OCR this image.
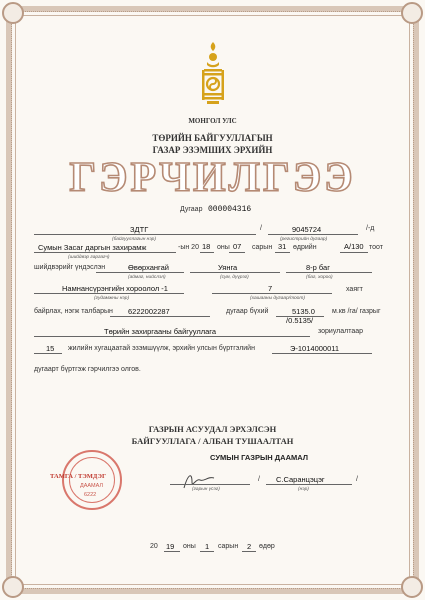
МОНГОЛ УЛС
ТӨРИЙН БАЙГУУЛЛАГЫН
ГАЗАР ЭЗЭМШИХ ЭРХИЙН
ГЭРЧИЛГЭЭ
Дугаар 000004316
ЗДТГ
(байгууллагын нэр)
/	9045724
(регистрийн дугаар)
/-д
Сумын Засаг даргын захирамж
(шийдвэр гаргагч)
-ын 20 18 оны 07 сарын 31 өдрийн	A/130 тоот
шийдвэрийг үндэслэн	Өвөрхангай
(аймаг, нийслэл)
Уянга
(сум, дүүрэг)
8-р баг
(баг, хороо)
Намнансүрэнгийн хороолол -1
(гудамжны нэр)
7
(хашааны дугаар/тоот)
хаягт
байрлах, нэгж талбарын 6222002287	дугаар бүхий	5135.0
/0.5135/
м.кв /га/ газрыг
Төрийн захиргааны байгууллага	зориулалтаар
15 жилийн хугацаатай эзэмшүүлж, эрхийн улсын бүртгэлийн	Э-1014000011
дугаарт бүртгэж гэрчилгээ олгов.
ГАЗРЫН АСУУДАЛ ЭРХЭЛСЭН
БАЙГУУЛЛАГА / АЛБАН ТУШААЛТАН
СУМЫН ГАЗРЫН ДААМАЛ
ТАМГА / ТЭМДЭГ
ДААМАЛ
6222
(гарын үсэг)
/ С.Саранцэцэг
(нэр)
/
20 19 оны 1 сарын 2 өдөр
